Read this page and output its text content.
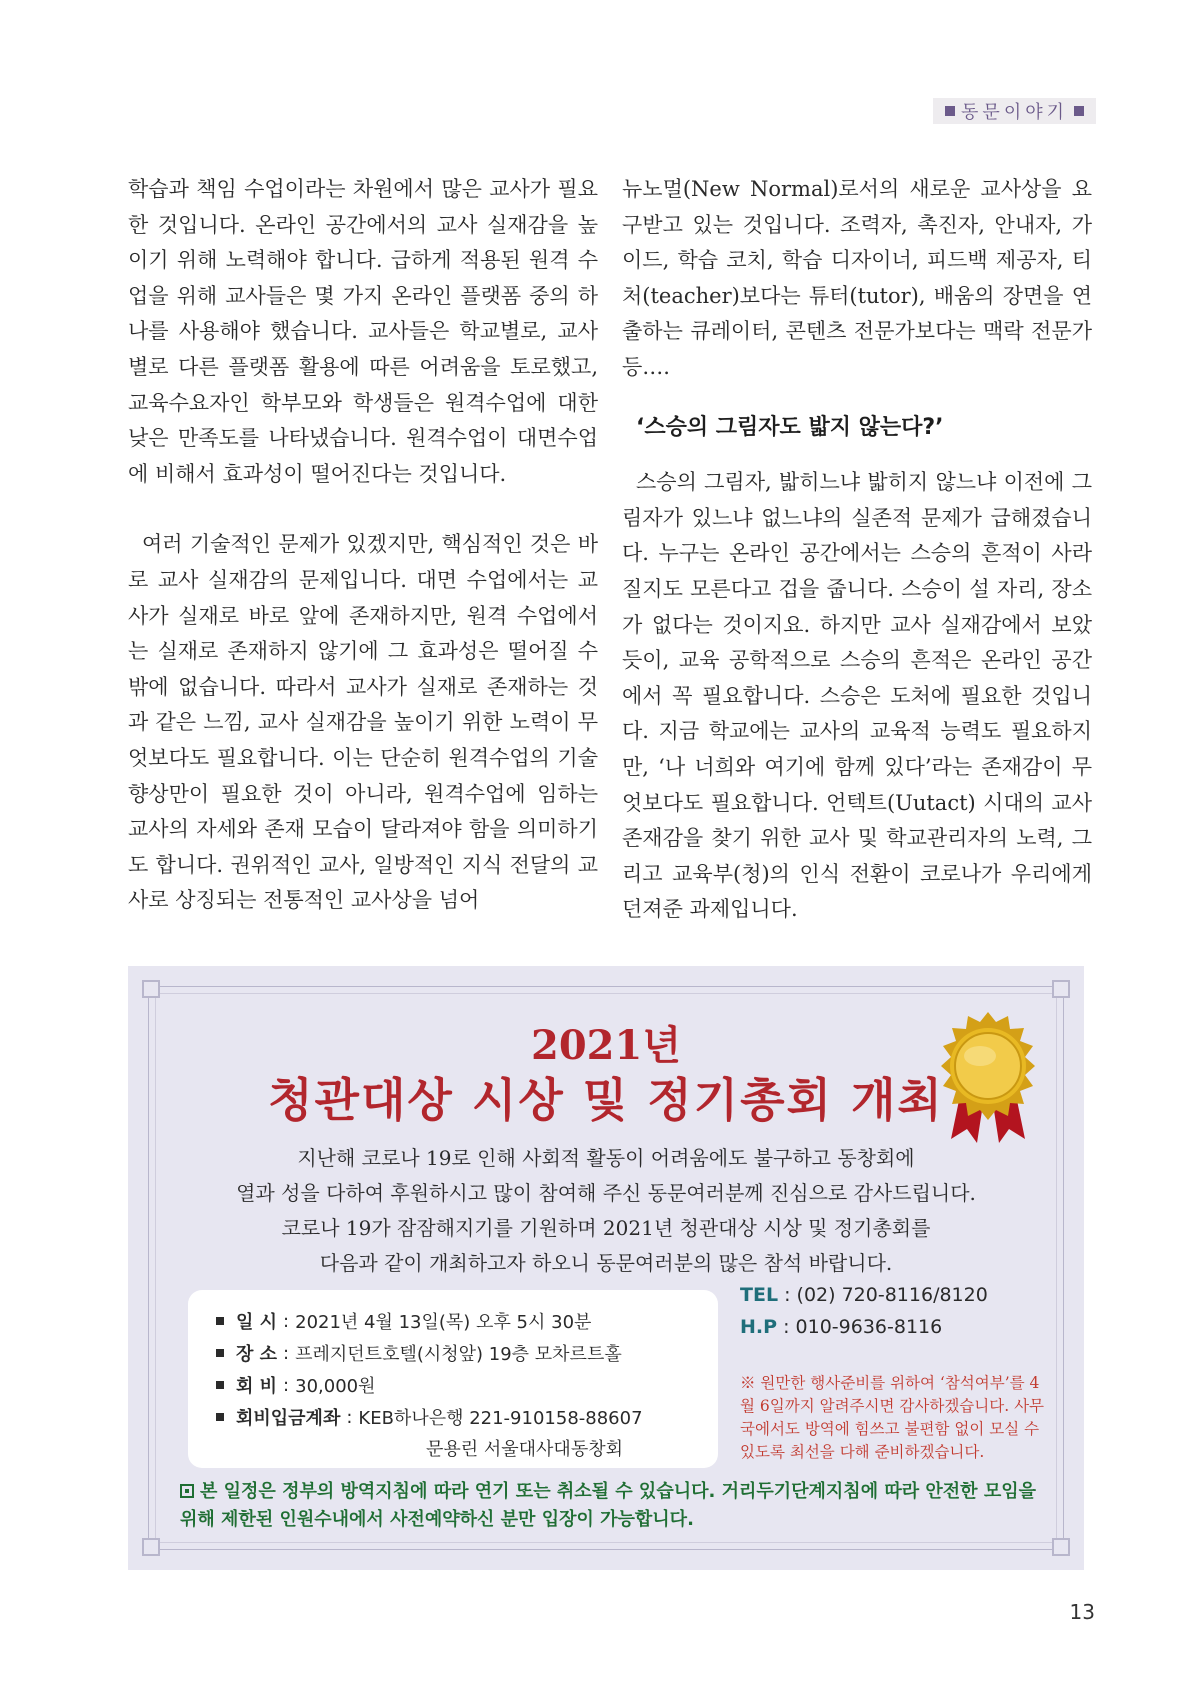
동문이야기

학습과 책임 수업이라는 차원에서 많은 교사가 필요한 것입니다. 온라인 공간에서의 교사 실재감을 높이기 위해 노력해야 합니다. 급하게 적용된 원격 수업을 위해 교사들은 몇 가지 온라인 플랫폼 중의 하나를 사용해야 했습니다. 교사들은 학교별로, 교사별로 다른 플랫폼 활용에 따른 어려움을 토로했고, 교육수요자인 학부모와 학생들은 원격수업에 대한 낮은 만족도를 나타냈습니다. 원격수업이 대면수업에 비해서 효과성이 떨어진다는 것입니다.

여러 기술적인 문제가 있겠지만, 핵심적인 것은 바로 교사 실재감의 문제입니다. 대면 수업에서는 교사가 실재로 바로 앞에 존재하지만, 원격 수업에서는 실재로 존재하지 않기에 그 효과성은 떨어질 수밖에 없습니다. 따라서 교사가 실재로 존재하는 것과 같은 느낌, 교사 실재감을 높이기 위한 노력이 무엇보다도 필요합니다. 이는 단순히 원격수업의 기술 향상만이 필요한 것이 아니라, 원격수업에 임하는 교사의 자세와 존재 모습이 달라져야 함을 의미하기도 합니다. 권위적인 교사, 일방적인 지식 전달의 교사로 상징되는 전통적인 교사상을 넘어

뉴노멀(New Normal)로서의 새로운 교사상을 요구받고 있는 것입니다. 조력자, 촉진자, 안내자, 가이드, 학습 코치, 학습 디자이너, 피드백 제공자, 티처(teacher)보다는 튜터(tutor), 배움의 장면을 연출하는 큐레이터, 콘텐츠 전문가보다는 맥락 전문가 등….

‘스승의 그림자도 밟지 않는다?’

스승의 그림자, 밟히느냐 밟히지 않느냐 이전에 그림자가 있느냐 없느냐의 실존적 문제가 급해졌습니다. 누구는 온라인 공간에서는 스승의 흔적이 사라질지도 모른다고 겁을 줍니다. 스승이 설 자리, 장소가 없다는 것이지요. 하지만 교사 실재감에서 보았듯이, 교육 공학적으로 스승의 흔적은 온라인 공간에서 꼭 필요합니다. 스승은 도처에 필요한 것입니다. 지금 학교에는 교사의 교육적 능력도 필요하지만, ‘나 너희와 여기에 함께 있다’라는 존재감이 무엇보다도 필요합니다. 언텍트(Uutact) 시대의 교사 존재감을 찾기 위한 교사 및 학교관리자의 노력, 그리고 교육부(청)의 인식 전환이 코로나가 우리에게 던져준 과제입니다.

2021년
청관대상 시상 및 정기총회 개최

지난해 코로나 19로 인해 사회적 활동이 어려움에도 불구하고 동창회에

열과 성을 다하여 후원하시고 많이 참여해 주신 동문여러분께 진심으로 감사드립니다.

코로나 19가 잠잠해지기를 기원하며 2021년 청관대상 시상 및 정기총회를

다음과 같이 개최하고자 하오니 동문여러분의 많은 참석 바랍니다.

일 시 : 2021년 4월 13일(목) 오후 5시 30분
장 소 : 프레지던트호텔(시청앞) 19층 모차르트홀
회 비 : 30,000원
회비입금계좌 : KEB하나은행 221-910158-88607
문용린 서울대사대동창회
TEL : (02) 720-8116/8120
H.P : 010-9636-8116
※ 원만한 행사준비를 위하여 ‘참석여부’를 4월 6일까지 알려주시면 감사하겠습니다. 사무국에서도 방역에 힘쓰고 불편함 없이 모실 수 있도록 최선을 다해 준비하겠습니다.
본 일정은 정부의 방역지침에 따라 연기 또는 취소될 수 있습니다. 거리두기단계지침에 따라 안전한 모임을 위해 제한된 인원수내에서 사전예약하신 분만 입장이 가능합니다.
13
